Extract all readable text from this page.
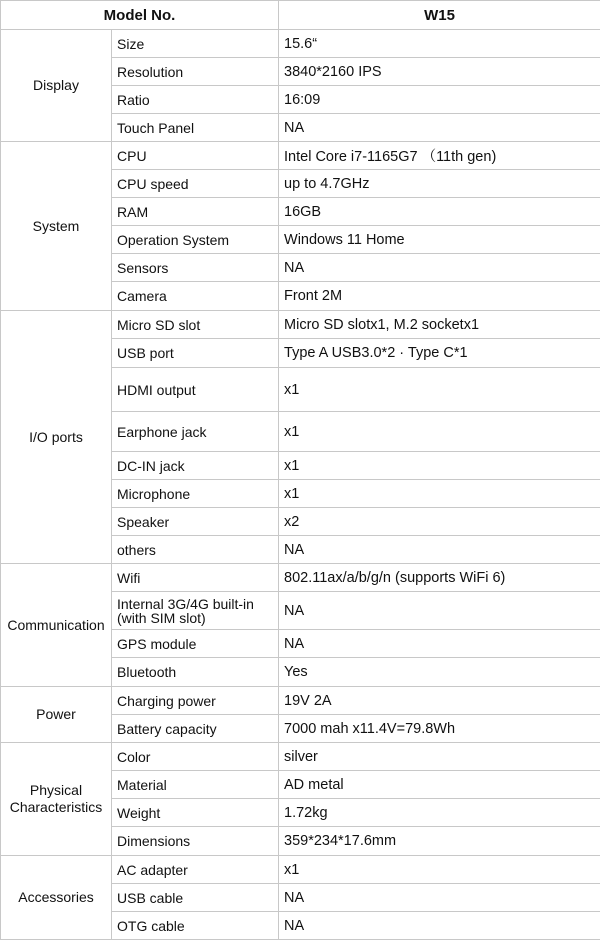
Model No.		W15
Display	Size	15.6“
	Resolution	3840*2160 IPS
	Ratio	16:09
	Touch Panel	NA
System	CPU	Intel Core i7-1165G7 （11th gen)
	CPU speed	up to 4.7GHz
	RAM	16GB
	Operation System	Windows 11 Home
	Sensors	NA
	Camera	Front 2M
I/O ports	Micro SD slot	Micro SD slotx1, M.2 socketx1
	USB port	Type A USB3.0*2 · Type C*1
	HDMI output	x1
	Earphone jack	x1
	DC-IN jack	x1
	Microphone	x1
	Speaker	x2
	others	NA
Communication	Wifi	802.11ax/a/b/g/n (supports WiFi 6)
	Internal 3G/4G built-in (with SIM slot)	NA
	GPS module	NA
	Bluetooth	Yes
Power	Charging power	19V 2A
	Battery capacity	7000 mah x11.4V=79.8Wh
Physical Characteristics	Color	silver
	Material	AD metal
	Weight	1.72kg
	Dimensions	359*234*17.6mm
Accessories	AC adapter	x1
	USB cable	NA
	OTG cable	NA
